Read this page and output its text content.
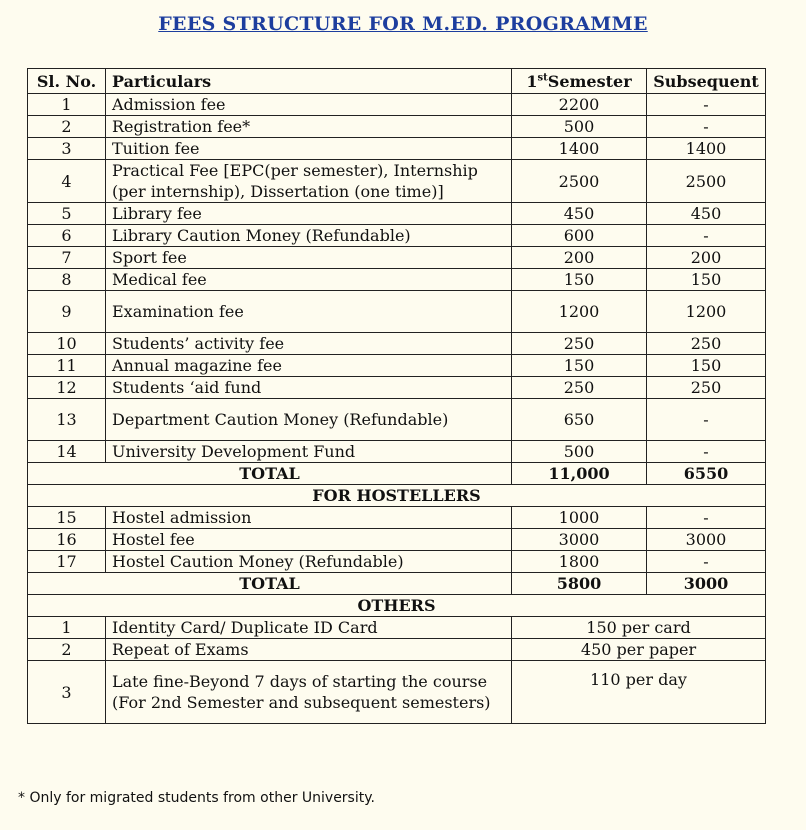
FEES STRUCTURE FOR M.ED. PROGRAMME
Sl. No.	Particulars	1stSemester	Subsequent
1	Admission fee	2200	-
2	Registration fee*	500	-
3	Tuition fee	1400	1400
4	Practical Fee [EPC(per semester), Internship (per internship), Dissertation (one time)]	2500	2500
5	Library fee	450	450
6	Library Caution Money (Refundable)	600	-
7	Sport fee	200	200
8	Medical fee	150	150
9	Examination fee	1200	1200
10	Students’ activity fee	250	250
11	Annual magazine fee	150	150
12	Students ‘aid fund	250	250
13	Department Caution Money (Refundable)	650	-
14	University Development Fund	500	-
TOTAL		11,000	6550
FOR HOSTELLERS			
15	Hostel admission	1000	-
16	Hostel fee	3000	3000
17	Hostel Caution Money (Refundable)	1800	-
TOTAL		5800	3000
OTHERS			
1	Identity Card/ Duplicate ID Card	150 per card	
2	Repeat of Exams	450 per paper	
3	Late fine-Beyond 7 days of starting the course (For 2nd Semester and subsequent semesters)	110 per day	
* Only for migrated students from other University.
